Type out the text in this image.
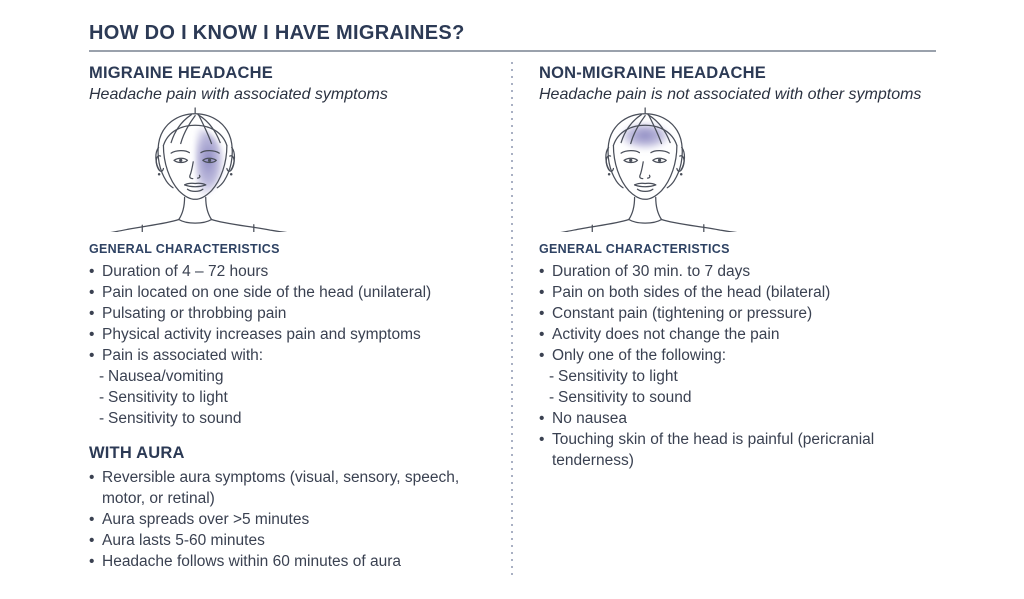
HOW DO I KNOW I HAVE MIGRAINES?
MIGRAINE HEADACHE

Headache pain with associated symptoms

GENERAL CHARACTERISTICS
• Duration of 4 – 72 hours
• Pain located on one side of the head (unilateral)
• Pulsating or throbbing pain
• Physical activity increases pain and symptoms
• Pain is associated with:
- Nausea/vomiting
- Sensitivity to light
- Sensitivity to sound
WITH AURA
• Reversible aura symptoms (visual, sensory, speech, motor, or retinal)
• Aura spreads over >5 minutes
• Aura lasts 5-60 minutes
• Headache follows within 60 minutes of aura
NON-MIGRAINE HEADACHE

Headache pain is not associated with other symptoms

GENERAL CHARACTERISTICS
• Duration of 30 min. to 7 days
• Pain on both sides of the head (bilateral)
• Constant pain (tightening or pressure)
• Activity does not change the pain
• Only one of the following:
- Sensitivity to light
- Sensitivity to sound
• No nausea
• Touching skin of the head is painful (pericranial tenderness)
